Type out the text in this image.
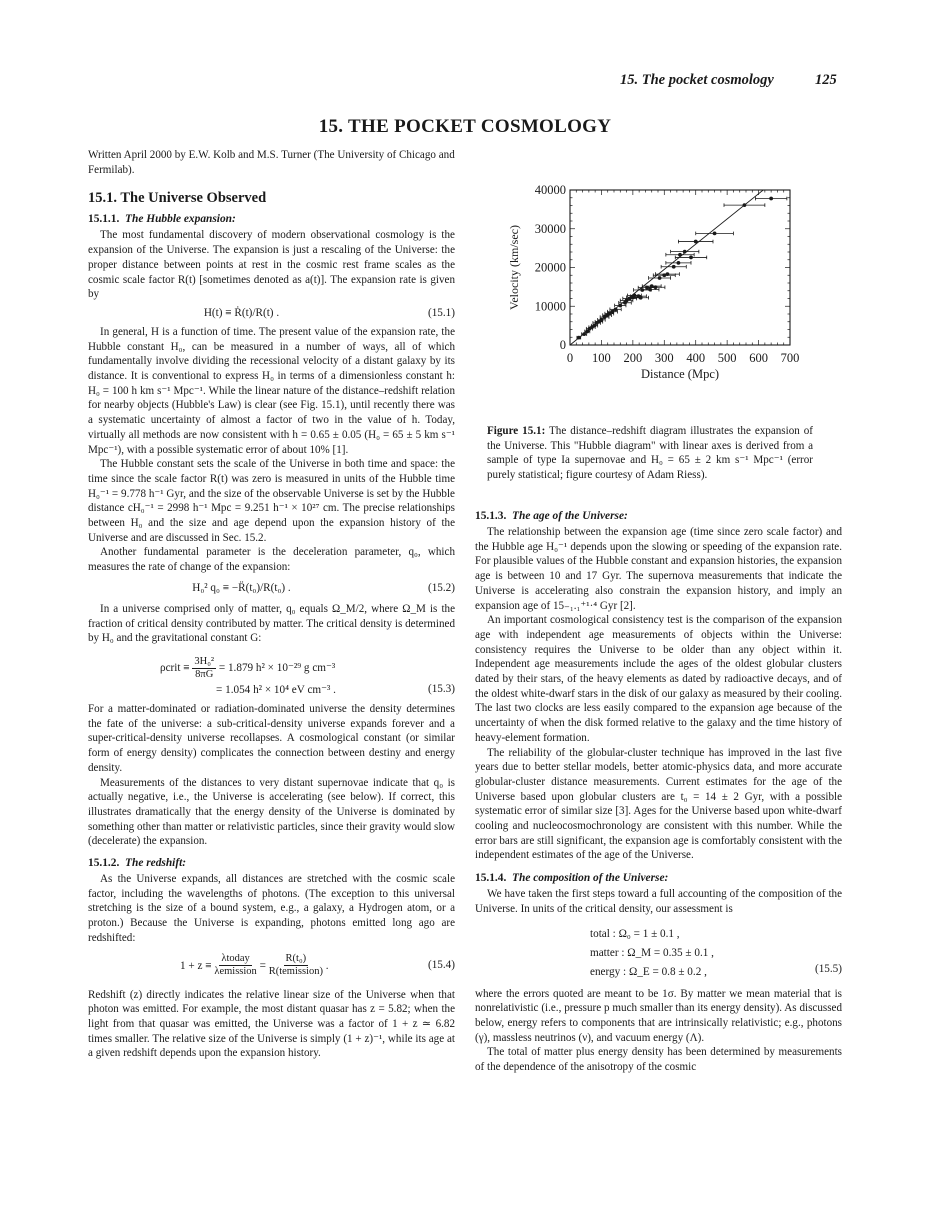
15. The pocket cosmology	125
15. THE POCKET COSMOLOGY

Written April 2000 by E.W. Kolb and M.S. Turner (The University of Chicago and Fermilab).

15.1. The Universe Observed

15.1.1. The Hubble expansion:

The most fundamental discovery of modern observational cosmology is the expansion of the Universe. The expansion is just a rescaling of the Universe: the proper distance between points at rest in the cosmic rest frame scales as the cosmic scale factor R(t) [sometimes denoted as a(t)]. The expansion rate is given by

H(t) ≡ Ṙ(t)/R(t) .	(15.1)

In general, H is a function of time. The present value of the expansion rate, the Hubble constant H₀, can be measured in a number of ways, all of which fundamentally involve dividing the recessional velocity of a distant galaxy by its distance. It is conventional to express H₀ in terms of a dimensionless constant h: H₀ = 100 h km s⁻¹ Mpc⁻¹. While the linear nature of the distance–redshift relation for nearby objects (Hubble's Law) is clear (see Fig. 15.1), until recently there was a systematic uncertainty of almost a factor of two in the value of h. Today, virtually all methods are now consistent with h = 0.65 ± 0.05 (H₀ = 65 ± 5 km s⁻¹ Mpc⁻¹), with a possible systematic error of about 10% [1].

The Hubble constant sets the scale of the Universe in both time and space: the time since the scale factor R(t) was zero is measured in units of the Hubble time H₀⁻¹ = 9.778 h⁻¹ Gyr, and the size of the observable Universe is set by the Hubble distance cH₀⁻¹ = 2998 h⁻¹ Mpc = 9.251 h⁻¹ × 10²⁷ cm. The precise relationships between H₀ and the size and age depend upon the expansion history of the Universe and are discussed in Sec. 15.2.

Another fundamental parameter is the deceleration parameter, q₀, which measures the rate of change of the expansion:

H₀² q₀ ≡ −R̈(t₀)/R(t₀) .	(15.2)

In a universe comprised only of matter, q₀ equals Ω_M/2, where Ω_M is the fraction of critical density contributed by matter. The critical density is determined by H₀ and the gravitational constant G:

ρcrit ≡ $\frac{\text{3H₀²}}{8\pi G} = 1.879$ h² × 10⁻²⁹ g cm⁻³
= 1.054 h² × 10⁴ eV cm⁻³ .	(15.3)

For a matter-dominated or radiation-dominated universe the density determines the fate of the universe: a sub-critical-density universe expands forever and a super-critical-density universe recollapses. A cosmological constant (or similar form of energy density) complicates the connection between destiny and energy density.

Measurements of the distances to very distant supernovae indicate that q₀ is actually negative, i.e., the Universe is accelerating (see below). If correct, this illustrates dramatically that the energy density of the Universe is dominated by something other than matter or relativistic particles, since their gravity would slow (decelerate) the expansion.

15.1.2. The redshift:

As the Universe expands, all distances are stretched with the cosmic scale factor, including the wavelengths of photons. (The exception to this universal stretching is the size of a bound system, e.g., a galaxy, a Hydrogen atom, or a proton.) Because the Universe is expanding, photons emitted long ago are redshifted:

$1 + z \equiv \frac{\text{λtoday}}{\text{λemission}} = \frac{\text{R(t₀)}}{\text{R(temission)}}$ .	(15.4)

Redshift (z) directly indicates the relative linear size of the Universe when that photon was emitted. For example, the most distant quasar has z = 5.82; when the light from that quasar was emitted, the Universe was a factor of 1 + z ≃ 6.82 times smaller. The relative size of the Universe is simply (1 + z)⁻¹, while its age at a given redshift depends upon the expansion history.

0 100 200 300 400 500 600 700
0
10000
20000
30000
40000
Distance (Mpc)
Velocity (km/sec)

Figure 15.1: The distance–redshift diagram illustrates the expansion of the Universe. This "Hubble diagram" with linear axes is derived from a sample of type Ia supernovae and H₀ = 65 ± 2 km s⁻¹ Mpc⁻¹ (error purely statistical; figure courtesy of Adam Riess).

15.1.3. The age of the Universe:

The relationship between the expansion age (time since zero scale factor) and the Hubble age H₀⁻¹ depends upon the slowing or speeding of the expansion rate. For plausible values of the Hubble constant and expansion histories, the expansion age is between 10 and 17 Gyr. The supernova measurements that indicate the Universe is accelerating also constrain the expansion history, and imply an expansion age of 15₋₁.₁⁺¹·⁴ Gyr [2].

An important cosmological consistency test is the comparison of the expansion age with independent age measurements of objects within the Universe: consistency requires the Universe to be older than any object within it. Independent age measurements include the ages of the oldest globular clusters dated by their stars, of the heavy elements as dated by radioactive decays, and of the oldest white-dwarf stars in the disk of our galaxy as measured by their cooling. The last two clocks are less easily compared to the expansion age because of the uncertainty of when the disk formed relative to the galaxy and the time history of heavy-element formation.

The reliability of the globular-cluster technique has improved in the last five years due to better stellar models, better atomic-physics data, and more accurate globular-cluster distance measurements. Current estimates for the age of the Universe based upon globular clusters are t₀ = 14 ± 2 Gyr, with a possible systematic error of similar size [3]. Ages for the Universe based upon white-dwarf cooling and nucleocosmochronology are consistent with this number. While the error bars are still significant, the expansion age is comfortably consistent with the independent estimates of the age of the Universe.

15.1.4. The composition of the Universe:

We have taken the first steps toward a full accounting of the composition of the Universe. In units of the critical density, our assessment is

total : Ω₀ = 1 ± 0.1 ,
matter : Ω_M = 0.35 ± 0.1 ,
energy : Ω_E = 0.8 ± 0.2 ,	(15.5)

where the errors quoted are meant to be 1σ. By matter we mean material that is nonrelativistic (i.e., pressure p much smaller than its energy density). As discussed below, energy refers to components that are intrinsically relativistic; e.g., photons (γ), massless neutrinos (ν), and vacuum energy (Λ).

The total of matter plus energy density has been determined by measurements of the dependence of the anisotropy of the cosmic
